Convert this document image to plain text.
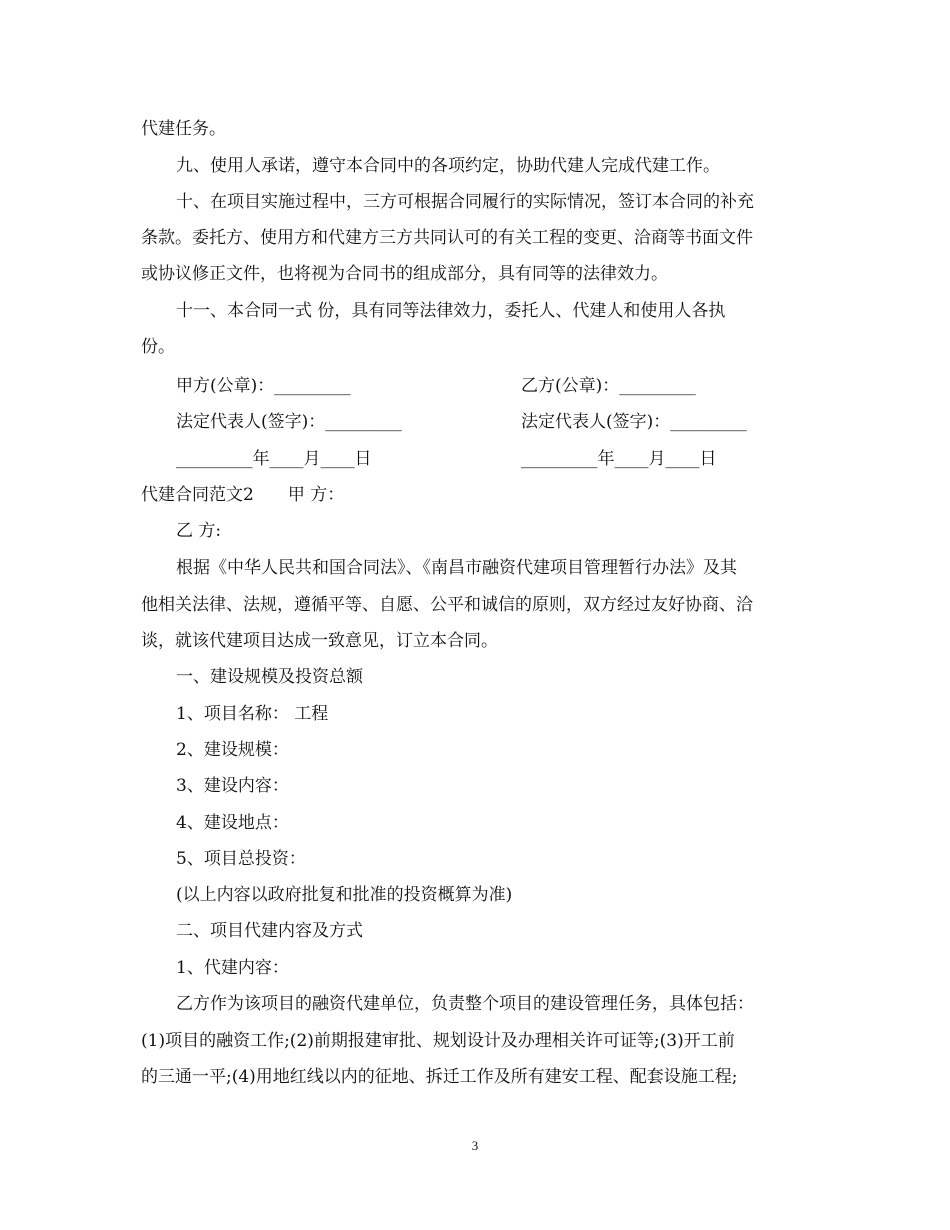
代建任务。
九、使用人承诺，遵守本合同中的各项约定，协助代建人完成代建工作。
十、在项目实施过程中，三方可根据合同履行的实际情况，签订本合同的补充
条款。委托方、使用方和代建方三方共同认可的有关工程的变更、洽商等书面文件
或协议修正文件，也将视为合同书的组成部分，具有同等的法律效力。
十一、本合同一式 份，具有同等法律效力，委托人、代建人和使用人各执
份。
甲方(公章)：_________	乙方(公章)：_________
法定代表人(签字)：_________	法定代表人(签字)：_________
_________年____月____日	_________年____月____日
代建合同范文2　　甲 方：
乙 方:
根据《中华人民共和国合同法》、《南昌市融资代建项目管理暂行办法》及其
他相关法律、法规，遵循平等、自愿、公平和诚信的原则，双方经过友好协商、洽
谈，就该代建项目达成一致意见，订立本合同。
一、建设规模及投资总额
1、项目名称： 工程
2、建设规模：
3、建设内容：
4、建设地点：
5、项目总投资：
(以上内容以政府批复和批准的投资概算为准)
二、项目代建内容及方式
1、代建内容：
乙方作为该项目的融资代建单位，负责整个项目的建设管理任务，具体包括：
(1)项目的融资工作;(2)前期报建审批、规划设计及办理相关许可证等;(3)开工前
的三通一平;(4)用地红线以内的征地、拆迁工作及所有建安工程、配套设施工程;
3
